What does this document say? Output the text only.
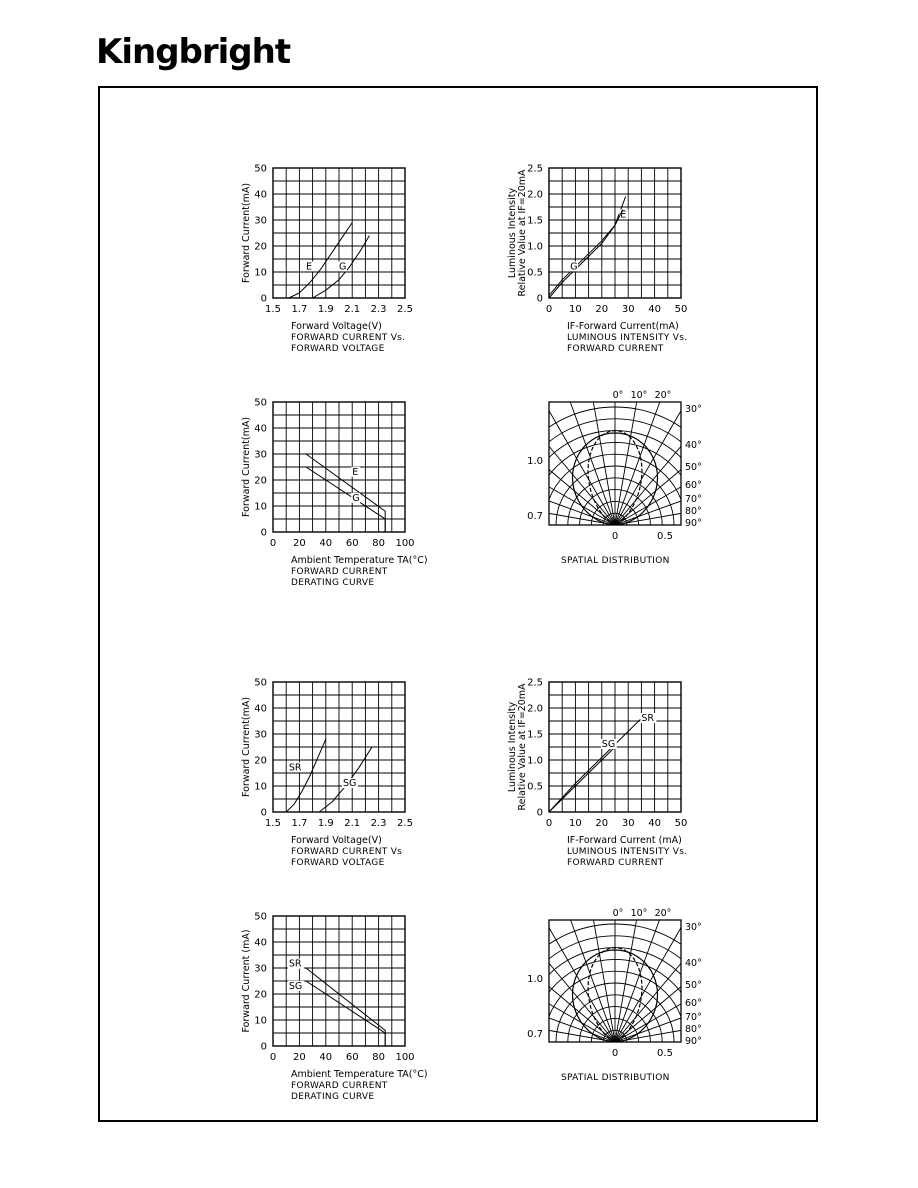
Kingbright
1.5 1.7 1.9 2.1 2.3 2.5
0
10
20
30
40
50
Forward Current(mA)
Forward Voltage(V)
FORWARD CURRENT Vs.
FORWARD VOLTAGE
E	G
0 10 20 30 40 50
0
0.5
1.0
1.5
2.0
2.5
Luminous Intensity Relative Value at IF=20mA
IF-Forward Current(mA)
LUMINOUS INTENSITY Vs.
FORWARD CURRENT
E
G
0 20 40 60 80 100
0
10
20
30
40
50
Forward Current(mA)
Ambient Temperature TA(°C)
FORWARD CURRENT
DERATING CURVE
E
G
0° 10° 20°
30°
40°
50°
60°
70°
80°
90°
1.0
0.7
0	0.5
SPATIAL DISTRIBUTION
1.5 1.7 1.9 2.1 2.3 2.5
0
10
20
30
40
50
Forward Current(mA)
Forward Voltage(V)
FORWARD CURRENT Vs
FORWARD VOLTAGE
SR
SG
0 10 20 30 40 50
0
0.5
1.0
1.5
2.0
2.5
Luminous Intensity Relative Value at IF=20mA
IF-Forward Current (mA)
LUMINOUS INTENSITY Vs.
FORWARD CURRENT
SR
SG
0 20 40 60 80 100
0
10
20
30
40
50
Forward Current (mA)
Ambient Temperature TA(°C)
FORWARD CURRENT
DERATING CURVE
SR
SG
0° 10° 20°
30°
40°
50°
60°
70°
80°
90°
1.0
0.7
0	0.5
SPATIAL DISTRIBUTION
